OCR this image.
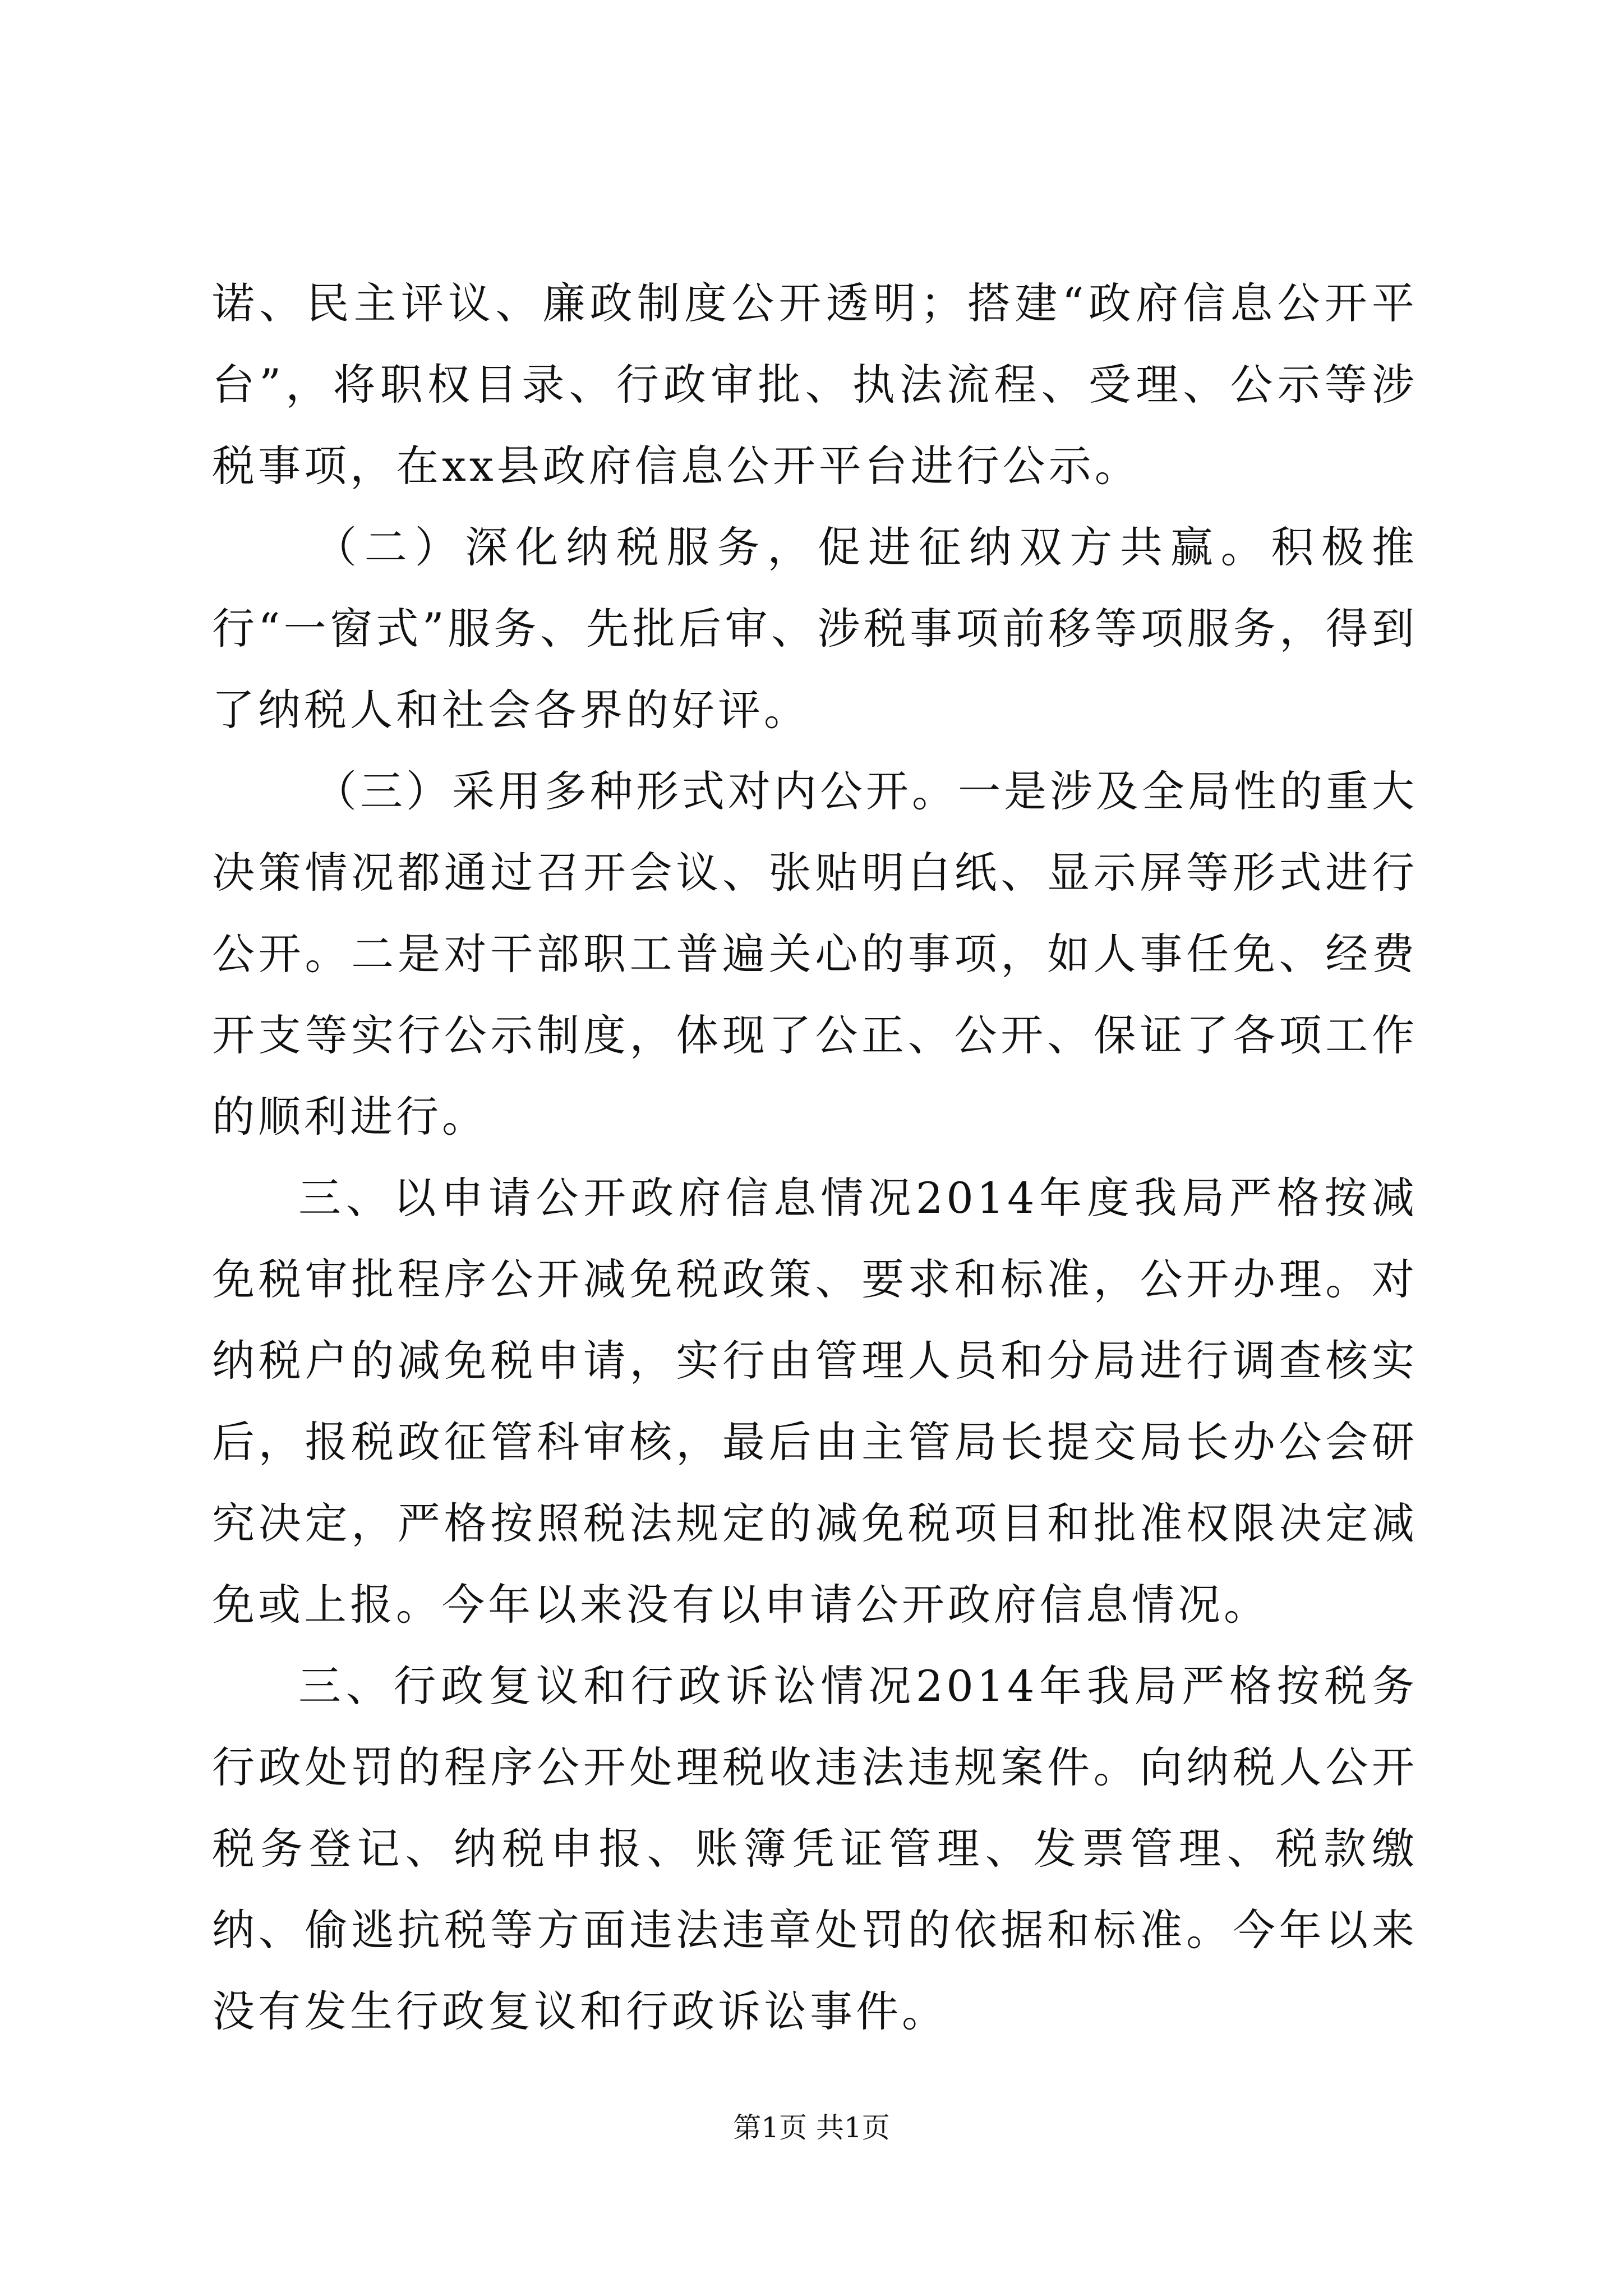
诺、民主评议、廉政制度公开透明；搭建“政府信息公开平台”，将职权目录、行政审批、执法流程、受理、公示等涉税事项，在xx县政府信息公开平台进行公示。

（二）深化纳税服务，促进征纳双方共赢。积极推行“一窗式”服务、先批后审、涉税事项前移等项服务，得到了纳税人和社会各界的好评。

（三）采用多种形式对内公开。一是涉及全局性的重大决策情况都通过召开会议、张贴明白纸、显示屏等形式进行公开。二是对干部职工普遍关心的事项，如人事任免、经费开支等实行公示制度，体现了公正、公开、保证了各项工作的顺利进行。

三、以申请公开政府信息情况2014年度我局严格按减免税审批程序公开减免税政策、要求和标准，公开办理。对纳税户的减免税申请，实行由管理人员和分局进行调查核实后，报税政征管科审核，最后由主管局长提交局长办公会研究决定，严格按照税法规定的减免税项目和批准权限决定减免或上报。今年以来没有以申请公开政府信息情况。

三、行政复议和行政诉讼情况2014年我局严格按税务行政处罚的程序公开处理税收违法违规案件。向纳税人公开税务登记、纳税申报、账簿凭证管理、发票管理、税款缴纳、偷逃抗税等方面违法违章处罚的依据和标准。今年以来没有发生行政复议和行政诉讼事件。

第1页 共1页
